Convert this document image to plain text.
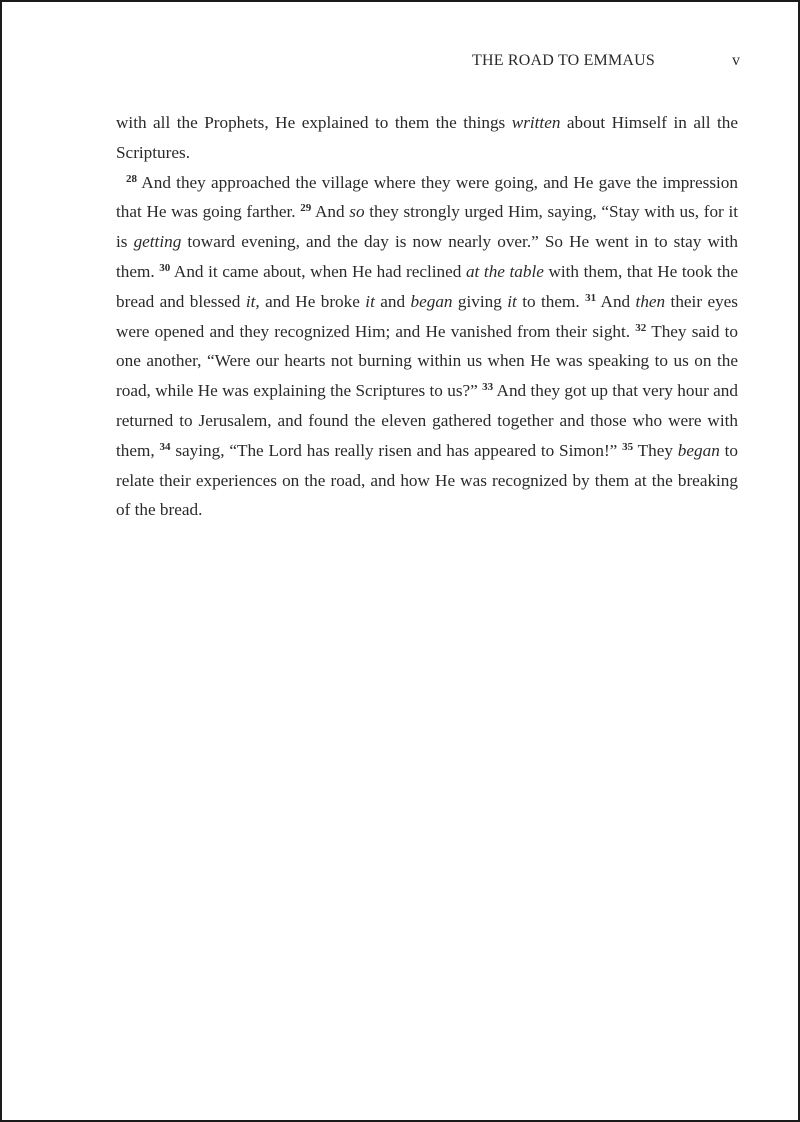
THE ROAD TO EMMAUS	v

with all the Prophets, He explained to them the things written about Himself in all the Scriptures.

$^{28}$ And they approached the village where they were going, and He gave the impression that He was going farther. $^{29}$ And so they strongly urged Him, saying, “Stay with us, for it is getting toward evening, and the day is now nearly over.” So He went in to stay with them. $^{30}$ And it came about, when He had reclined at the table with them, that He took the bread and blessed it, and He broke it and began giving it to them. $^{31}$ And then their eyes were opened and they recognized Him; and He vanished from their sight. $^{32}$ They said to one another, “Were our hearts not burning within us when He was speaking to us on the road, while He was explaining the Scriptures to us?” $^{33}$ And they got up that very hour and returned to Jerusalem, and found the eleven gathered together and those who were with them, $^{34}$ saying, “The Lord has really risen and has appeared to Simon!” $^{35}$ They began to relate their experiences on the road, and how He was recognized by them at the breaking of the bread.
